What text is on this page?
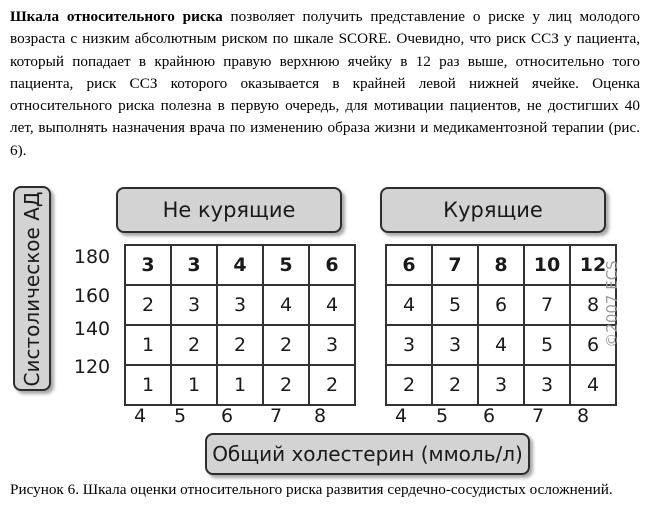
Шкала относительного риска позволяет получить представление о риске у лиц молодого возраста с низким абсолютным риском по шкале SCORE. Очевидно, что риск ССЗ у пациента, который попадает в крайнюю правую верхнюю ячейку в 12 раз выше, относительно того пациента, риск ССЗ которого оказывается в крайней левой нижней ячейке. Оценка относительного риска полезна в первую очередь, для мотивации пациентов, не достигших 40 лет, выполнять назначения врача по изменению образа жизни и медикаментозной терапии (рис. 6).
Систолическое АД	Не курящие	Курящие
180
160
140
120
3	3	4	5	6
2	3	3	4	4
1	2	2	2	3
1	1	1	2	2
6	7	8	10	12
4	5	6	7	8
3	3	4	5	6
2	2	3	3	4
4	5	6	7	8	4	5	6	7	8
©2007 ECS
Общий холестерин (ммоль/л)
Рисунок 6. Шкала оценки относительного риска развития сердечно-сосудистых осложнений.
